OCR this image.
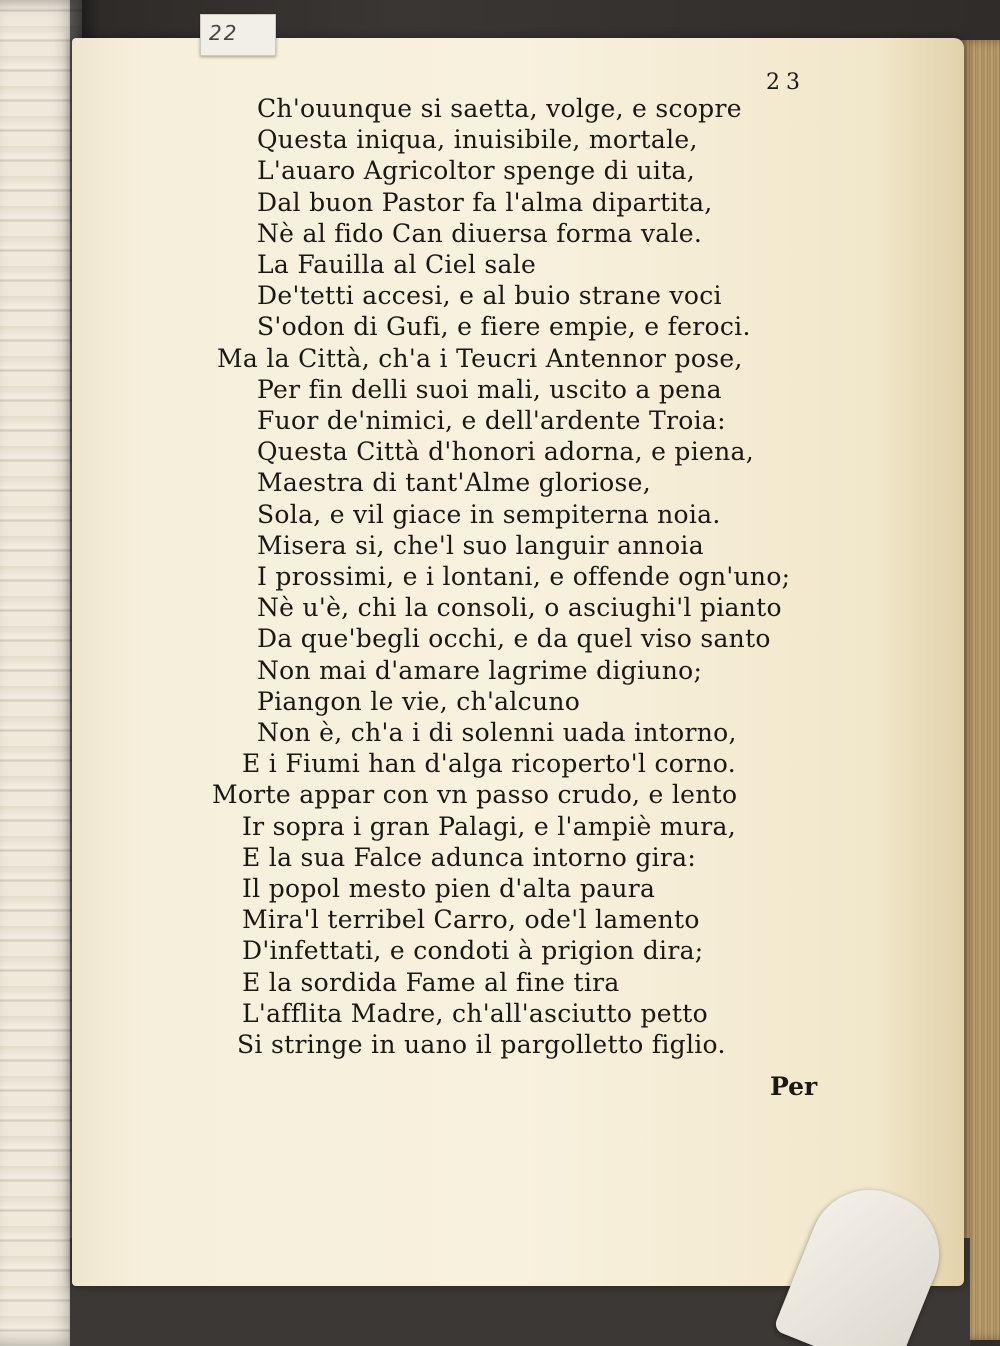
23
Ch'ouunque si saetta, volge, e scopre
Questa iniqua, inuisibile, mortale,
L'auaro Agricoltor spenge di uita,
Dal buon Pastor fa l'alma dipartita,
Nè al fido Can diuersa forma vale.
La Fauilla al Ciel sale
De'tetti accesi, e al buio strane voci
S'odon di Gufi, e fiere empie, e feroci.
Ma la Città, ch'a i Teucri Antennor pose,
Per fin delli suoi mali, uscito a pena
Fuor de'nimici, e dell'ardente Troia:
Questa Città d'honori adorna, e piena,
Maestra di tant'Alme gloriose,
Sola, e vil giace in sempiterna noia.
Misera si, che'l suo languir annoia
I prossimi, e i lontani, e offende ogn'uno;
Nè u'è, chi la consoli, o asciughi'l pianto
Da que'begli occhi, e da quel viso santo
Non mai d'amare lagrime digiuno;
Piangon le vie, ch'alcuno
Non è, ch'a i di solenni uada intorno,
E i Fiumi han d'alga ricoperto'l corno.
Morte appar con vn passo crudo, e lento
Ir sopra i gran Palagi, e l'ampiè mura,
E la sua Falce adunca intorno gira:
Il popol mesto pien d'alta paura
Mira'l terribel Carro, ode'l lamento
D'infettati, e condoti à prigion dira;
E la sordida Fame al fine tira
L'afflita Madre, ch'all'asciutto petto
Si stringe in uano il pargolletto figlio.
Per
22
